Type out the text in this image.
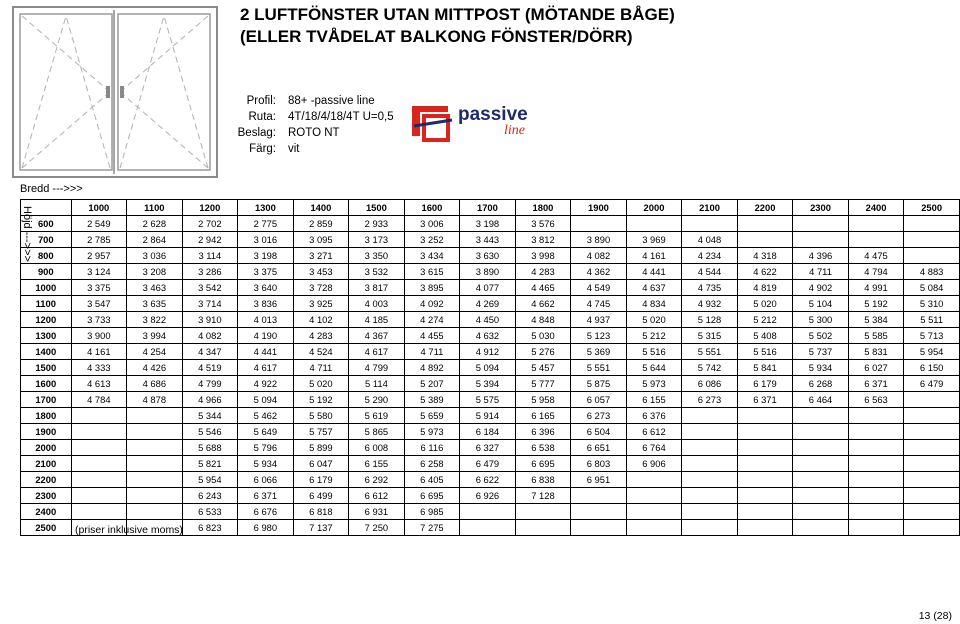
2 LUFTFÖNSTER UTAN MITTPOST (MÖTANDE BÅGE)
(ELLER TVÅDELAT BALKONG FÖNSTER/DÖRR)
Profil:	88+ -passive line
Ruta:	4T/18/4/18/4T U=0,5
Beslag:	ROTO NT
Färg:	vit
passive
line
Bredd --->>>
Höjd --->>>
		1000	1100	1200	1300	1400	1500	1600	1700	1800	1900	2000	2100	2200	2300	2400	2500
600	2 549	2 628	2 702	2 775	2 859	2 933	3 006	3 198	3 576							
700	2 785	2 864	2 942	3 016	3 095	3 173	3 252	3 443	3 812	3 890	3 969	4 048				
800	2 957	3 036	3 114	3 198	3 271	3 350	3 434	3 630	3 998	4 082	4 161	4 234	4 318	4 396	4 475	
900	3 124	3 208	3 286	3 375	3 453	3 532	3 615	3 890	4 283	4 362	4 441	4 544	4 622	4 711	4 794	4 883
1000	3 375	3 463	3 542	3 640	3 728	3 817	3 895	4 077	4 465	4 549	4 637	4 735	4 819	4 902	4 991	5 084
1100	3 547	3 635	3 714	3 836	3 925	4 003	4 092	4 269	4 662	4 745	4 834	4 932	5 020	5 104	5 192	5 310
1200	3 733	3 822	3 910	4 013	4 102	4 185	4 274	4 450	4 848	4 937	5 020	5 128	5 212	5 300	5 384	5 511
1300	3 900	3 994	4 082	4 190	4 283	4 367	4 455	4 632	5 030	5 123	5 212	5 315	5 408	5 502	5 585	5 713
1400	4 161	4 254	4 347	4 441	4 524	4 617	4 711	4 912	5 276	5 369	5 516	5 551	5 516	5 737	5 831	5 954
1500	4 333	4 426	4 519	4 617	4 711	4 799	4 892	5 094	5 457	5 551	5 644	5 742	5 841	5 934	6 027	6 150
1600	4 613	4 686	4 799	4 922	5 020	5 114	5 207	5 394	5 777	5 875	5 973	6 086	6 179	6 268	6 371	6 479
1700	4 784	4 878	4 966	5 094	5 192	5 290	5 389	5 575	5 958	6 057	6 155	6 273	6 371	6 464	6 563	
1800			5 344	5 462	5 580	5 619	5 659	5 914	6 165	6 273	6 376					
1900			5 546	5 649	5 757	5 865	5 973	6 184	6 396	6 504	6 612					
2000			5 688	5 796	5 899	6 008	6 116	6 327	6 538	6 651	6 764					
2100			5 821	5 934	6 047	6 155	6 258	6 479	6 695	6 803	6 906					
2200			5 954	6 066	6 179	6 292	6 405	6 622	6 838	6 951						
2300			6 243	6 371	6 499	6 612	6 695	6 926	7 128							
2400			6 533	6 676	6 818	6 931	6 985									
2500			6 823	6 980	7 137	7 250	7 275									
(priser inklusive moms)
13 (28)
